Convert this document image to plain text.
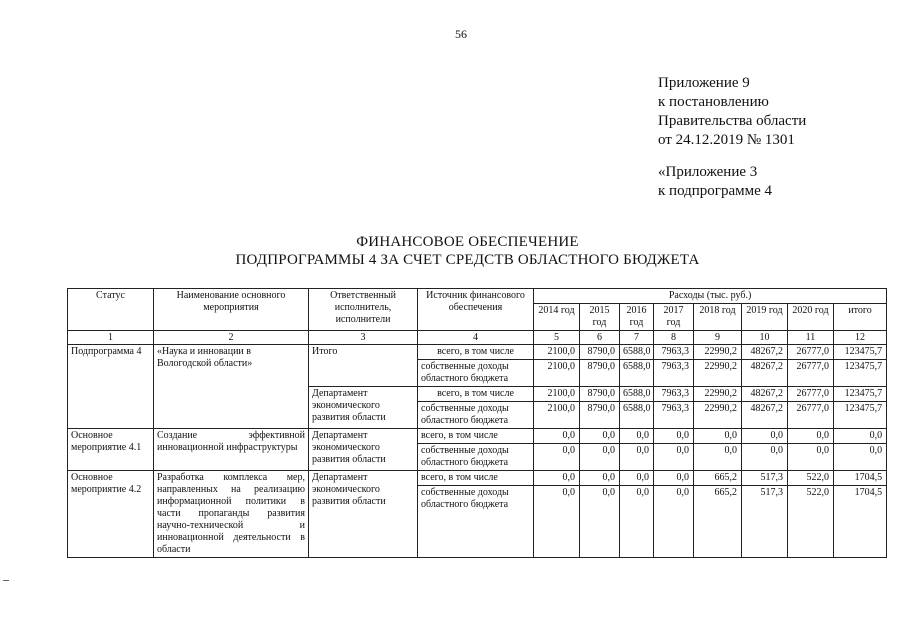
56
Приложение 9
к постановлению
Правительства области
от 24.12.2019 № 1301
«Приложение 3
к подпрограмме 4
ФИНАНСОВОЕ ОБЕСПЕЧЕНИЕ
ПОДПРОГРАММЫ 4 ЗА СЧЕТ СРЕДСТВ ОБЛАСТНОГО БЮДЖЕТА
Статус	Наименование основного мероприятия	Ответственный исполнитель, исполнители	Источник финансового обеспечения	Расходы (тыс. руб.)							
				2014 год	2015 год	2016 год	2017 год	2018 год	2019 год	2020 год	итого
1	2	3	4	5	6	7	8	9	10	11	12
Подпрограмма 4	«Наука и инновации в Вологодской области»	Итого	всего, в том числе	2100,0	8790,0	6588,0	7963,3	22990,2	48267,2	26777,0	123475,7
			собственные доходы областного бюджета	2100,0	8790,0	6588,0	7963,3	22990,2	48267,2	26777,0	123475,7
		Департамент экономического развития области	всего, в том числе	2100,0	8790,0	6588,0	7963,3	22990,2	48267,2	26777,0	123475,7
			собственные доходы областного бюджета	2100,0	8790,0	6588,0	7963,3	22990,2	48267,2	26777,0	123475,7
Основное мероприятие 4.1	Создание эффективной инновационной инфраструктуры	Департамент экономического развития области	всего, в том числе	0,0	0,0	0,0	0,0	0,0	0,0	0,0	0,0
			собственные доходы областного бюджета	0,0	0,0	0,0	0,0	0,0	0,0	0,0	0,0
Основное мероприятие 4.2	Разработка комплекса мер, направленных на реализацию информационной политики в части пропаганды развития научно-технической и инновационной деятельности в области	Департамент экономического развития области	всего, в том числе	0,0	0,0	0,0	0,0	665,2	517,3	522,0	1704,5
			собственные доходы областного бюджета	0,0	0,0	0,0	0,0	665,2	517,3	522,0	1704,5
